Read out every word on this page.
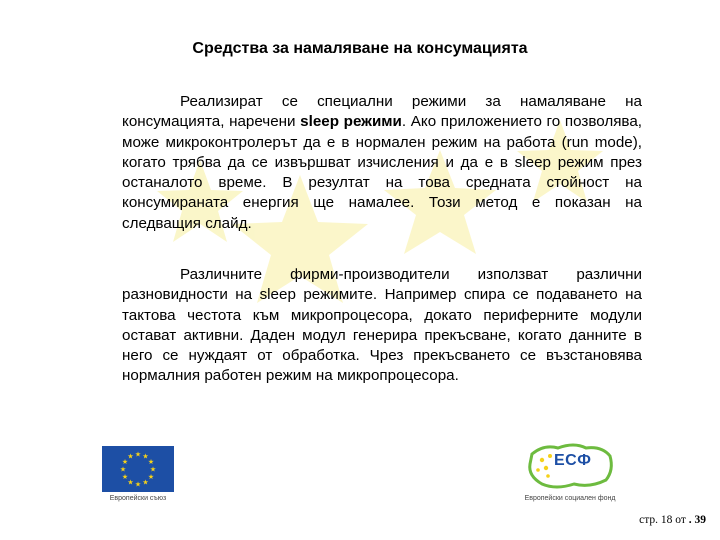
Средства за намаляване на консумацията

Реализират се специални режими за намаляване на консумацията, наречени sleep режими. Ако приложението го позволява, може микроконтролерът да е в нормален режим на работа (run mode), когато трябва да се извършват изчисления и да е в sleep режим през останалото време. В резултат на това средната стойност на консумираната енергия ще намалее. Този метод е показан на следващия слайд.

Различните фирми-производители използват различни разновидности на sleep режимите. Например спира се подаването на тактова честота към микропроцесора, докато периферните модули остават активни. Даден модул генерира прекъсване, когато данните в него се нуждаят от обработка. Чрез прекъсването се възстановява нормалния работен режим на микропроцесора.

★ ★
★
★
★
★
★
★
★
★
★
★
Европейски съюз
ЕСФ
Европейски социален фонд
стр. 18 от . 39
